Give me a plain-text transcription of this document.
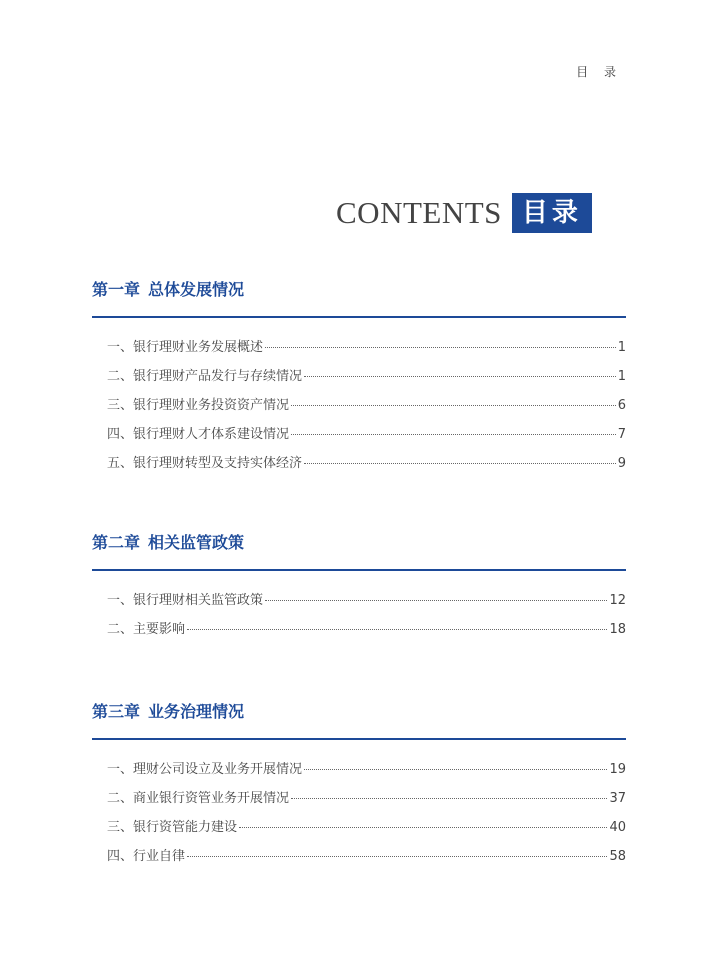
目 录
CONTENTS 目录
第一章 总体发展情况
一、 银行理财业务发展概述	1
二、 银行理财产品发行与存续情况	1
三、 银行理财业务投资资产情况	6
四、 银行理财人才体系建设情况	7
五、 银行理财转型及支持实体经济	9
第二章 相关监管政策
一、 银行理财相关监管政策	12
二、 主要影响	18
第三章 业务治理情况
一、 理财公司设立及业务开展情况	19
二、 商业银行资管业务开展情况	37
三、 银行资管能力建设	40
四、 行业自律	58
